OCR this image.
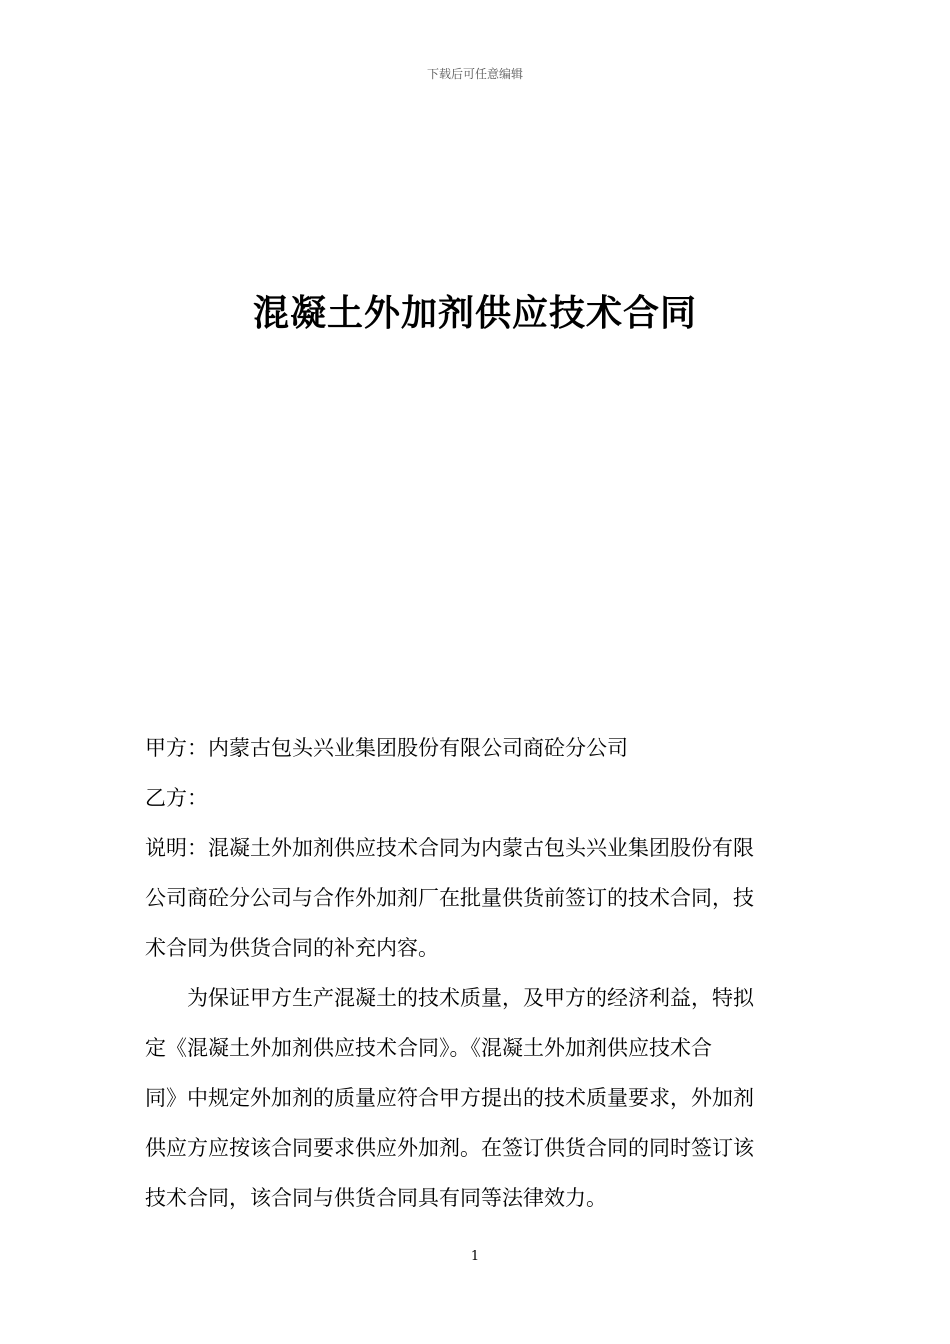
下载后可任意编辑
混凝土外加剂供应技术合同
甲方：内蒙古包头兴业集团股份有限公司商砼分公司
乙方：
说明：混凝土外加剂供应技术合同为内蒙古包头兴业集团股份有限
公司商砼分公司与合作外加剂厂在批量供货前签订的技术合同，技
术合同为供货合同的补充内容。
为保证甲方生产混凝土的技术质量，及甲方的经济利益，特拟
定《混凝土外加剂供应技术合同》。《混凝土外加剂供应技术合
同》中规定外加剂的质量应符合甲方提出的技术质量要求，外加剂
供应方应按该合同要求供应外加剂。在签订供货合同的同时签订该
技术合同，该合同与供货合同具有同等法律效力。
1
